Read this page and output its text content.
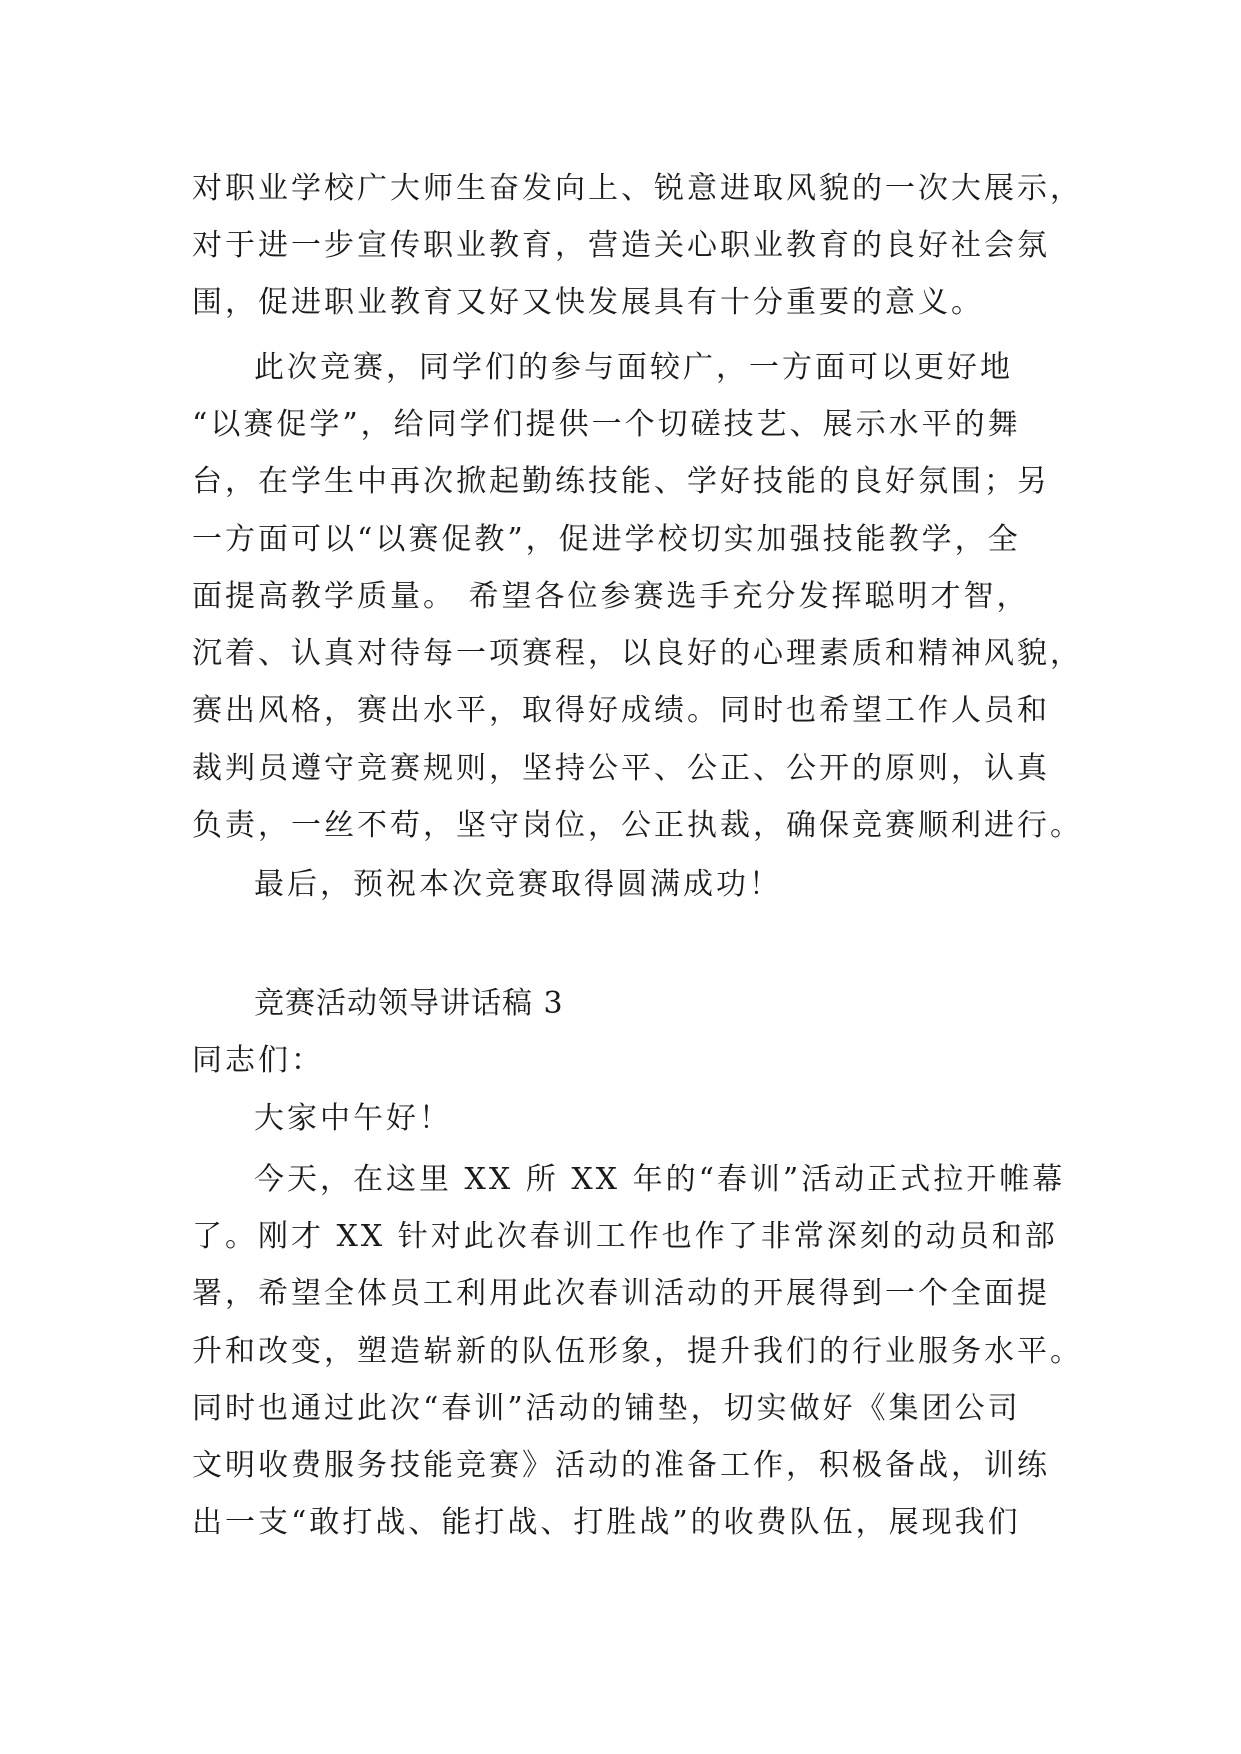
对职业学校广大师生奋发向上、锐意进取风貌的一次大展示，

对于进一步宣传职业教育，营造关心职业教育的良好社会氛

围，促进职业教育又好又快发展具有十分重要的意义。

此次竞赛，同学们的参与面较广，一方面可以更好地

“以赛促学”，给同学们提供一个切磋技艺、展示水平的舞

台，在学生中再次掀起勤练技能、学好技能的良好氛围；另

一方面可以“以赛促教”，促进学校切实加强技能教学，全

面提高教学质量。 希望各位参赛选手充分发挥聪明才智，

沉着、认真对待每一项赛程，以良好的心理素质和精神风貌，

赛出风格，赛出水平，取得好成绩。同时也希望工作人员和

裁判员遵守竞赛规则，坚持公平、公正、公开的原则，认真

负责，一丝不苟，坚守岗位，公正执裁，确保竞赛顺利进行。

最后，预祝本次竞赛取得圆满成功！

竞赛活动领导讲话稿 3

同志们：

大家中午好！

今天，在这里 XX 所 XX 年的“春训”活动正式拉开帷幕

了。刚才 XX 针对此次春训工作也作了非常深刻的动员和部

署，希望全体员工利用此次春训活动的开展得到一个全面提

升和改变，塑造崭新的队伍形象，提升我们的行业服务水平。

同时也通过此次“春训”活动的铺垫，切实做好《集团公司

文明收费服务技能竞赛》活动的准备工作，积极备战，训练

出一支“敢打战、能打战、打胜战”的收费队伍，展现我们
